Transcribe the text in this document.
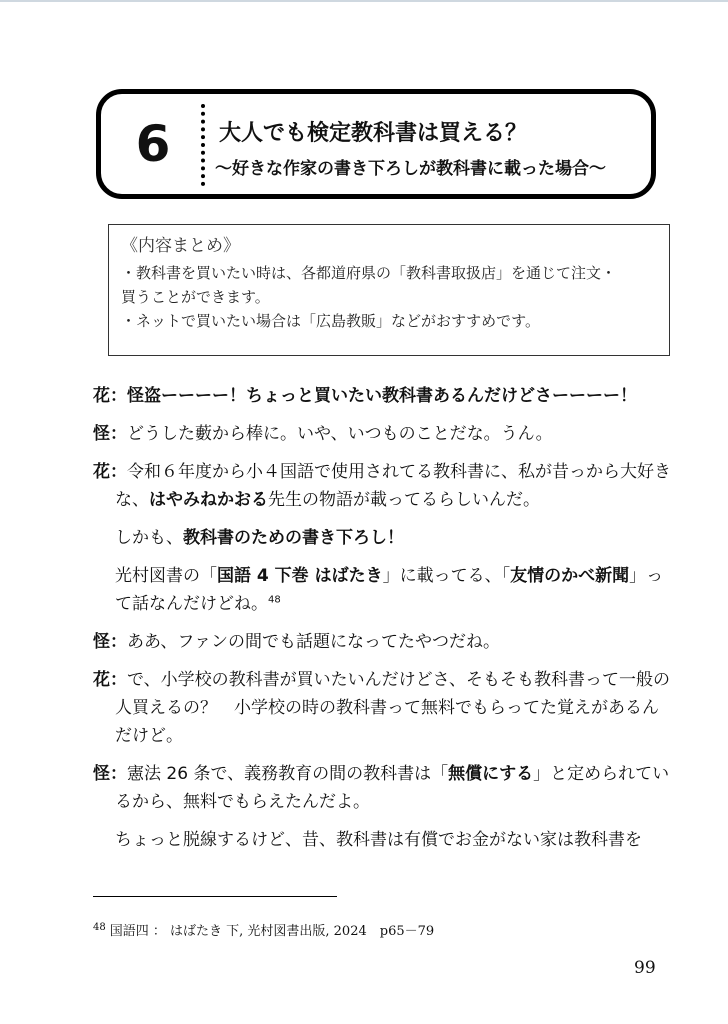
6	大人でも検定教科書は買える？
～好きな作家の書き下ろしが教科書に載った場合～
《内容まとめ》
・教科書を買いたい時は、各都道府県の「教科書取扱店」を通じて注文・
買うことができます。
・ネットで買いたい場合は「広島教販」などがおすすめです。
花：怪盗ーーーー！ちょっと買いたい教科書あるんだけどさーーーー！
怪：どうした藪から棒に。いや、いつものことだな。うん。
花：令和６年度から小４国語で使用されてる教科書に、私が昔っから大好きな、はやみねかおる先生の物語が載ってるらしいんだ。
しかも、教科書のための書き下ろし！
光村図書の「国語 4 下巻 はばたき」に載ってる、「友情のかべ新聞」って話なんだけどね。$^{48}$
怪：ああ、ファンの間でも話題になってたやつだね。
花：で、小学校の教科書が買いたいんだけどさ、そもそも教科書って一般の人買えるの？　小学校の時の教科書って無料でもらってた覚えがあるんだけど。
怪：憲法 26 条で、義務教育の間の教科書は「無償にする」と定められているから、無料でもらえたんだよ。
ちょっと脱線するけど、昔、教科書は有償でお金がない家は教科書を
$^{48}$ 国語四 ： はばたき 下, 光村図書出版, 2024　p65－79
99
